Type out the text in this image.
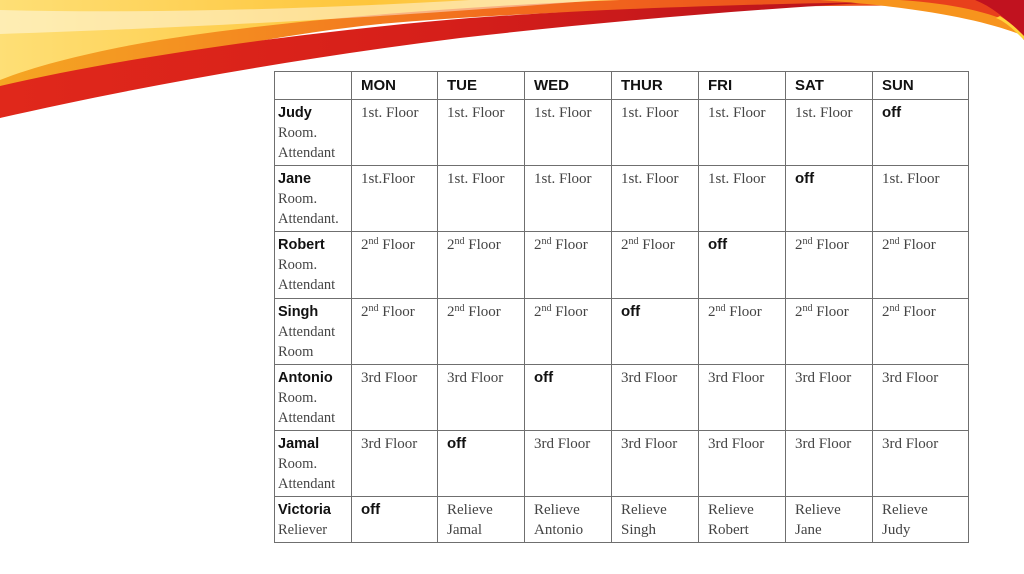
	MON	TUE	WED	THUR	FRI	SAT	SUN

Judy
Room.
Attendant	1st. Floor	1st. Floor	1st. Floor	1st. Floor	1st. Floor	1st. Floor	off

Jane
Room.
Attendant.	1st.Floor	1st. Floor	1st. Floor	1st. Floor	1st. Floor	off	1st. Floor

Robert
Room.
Attendant	2nd Floor	2nd Floor	2nd Floor	2nd Floor	off	2nd Floor	2nd Floor

Singh
Attendant
Room	2nd Floor	2nd Floor	2nd Floor	off	2nd Floor	2nd Floor	2nd Floor

Antonio
Room.
Attendant	3rd Floor	3rd Floor	off	3rd Floor	3rd Floor	3rd Floor	3rd Floor

Jamal
Room.
Attendant	3rd Floor	off	3rd Floor	3rd Floor	3rd Floor	3rd Floor	3rd Floor

Victoria
Reliever	off	Relieve
Jamal	Relieve
Antonio	Relieve
Singh	Relieve
Robert	Relieve
Jane	Relieve
Judy
